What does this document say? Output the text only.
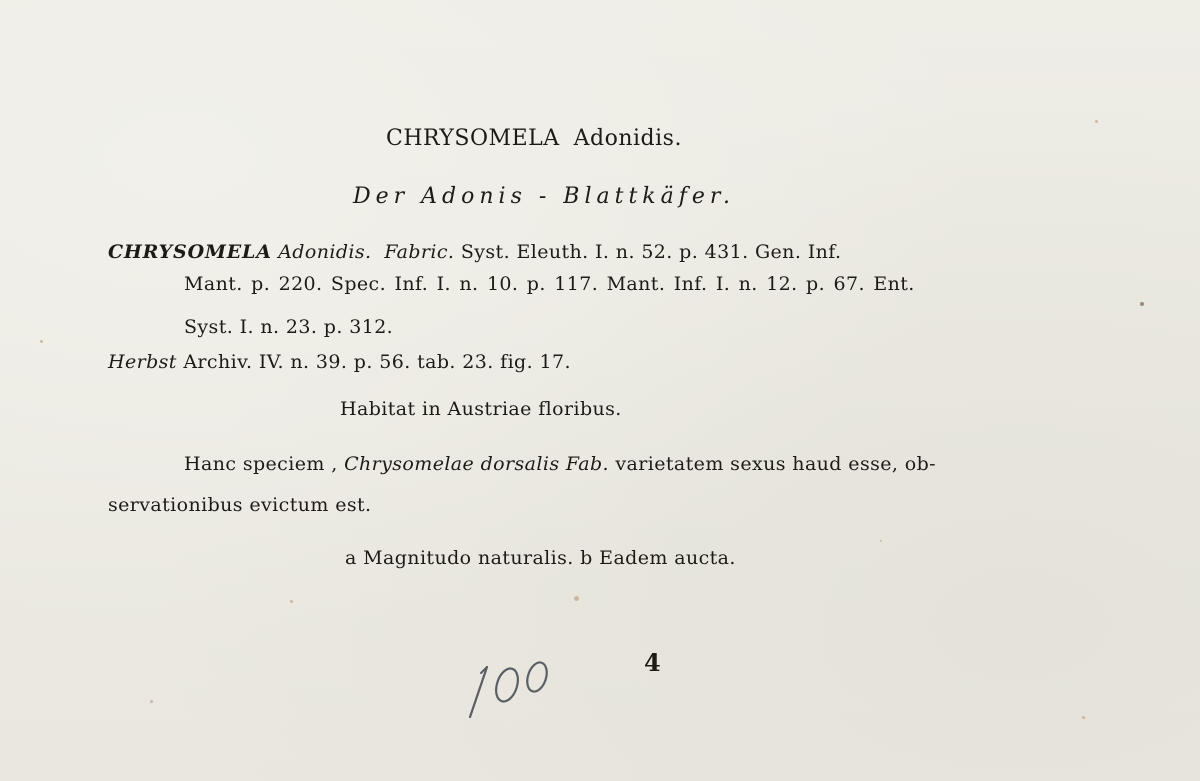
CHRYSOMELA Adonidis.
Der Adonis - Blattkäfer.
CHRYSOMELA Adonidis. Fabric. Syst. Eleuth. I. n. 52. p. 431. Gen. Inf.
Mant. p. 220. Spec. Inf. I. n. 10. p. 117. Mant. Inf. I. n. 12. p. 67. Ent.
Syst. I. n. 23. p. 312.
Herbst Archiv. IV. n. 39. p. 56. tab. 23. fig. 17.
Habitat in Austriae floribus.
Hanc speciem , Chrysomelae dorsalis Fab. varietatem sexus haud esse, ob-
servationibus evictum est.
a Magnitudo naturalis. b Eadem aucta.
4
